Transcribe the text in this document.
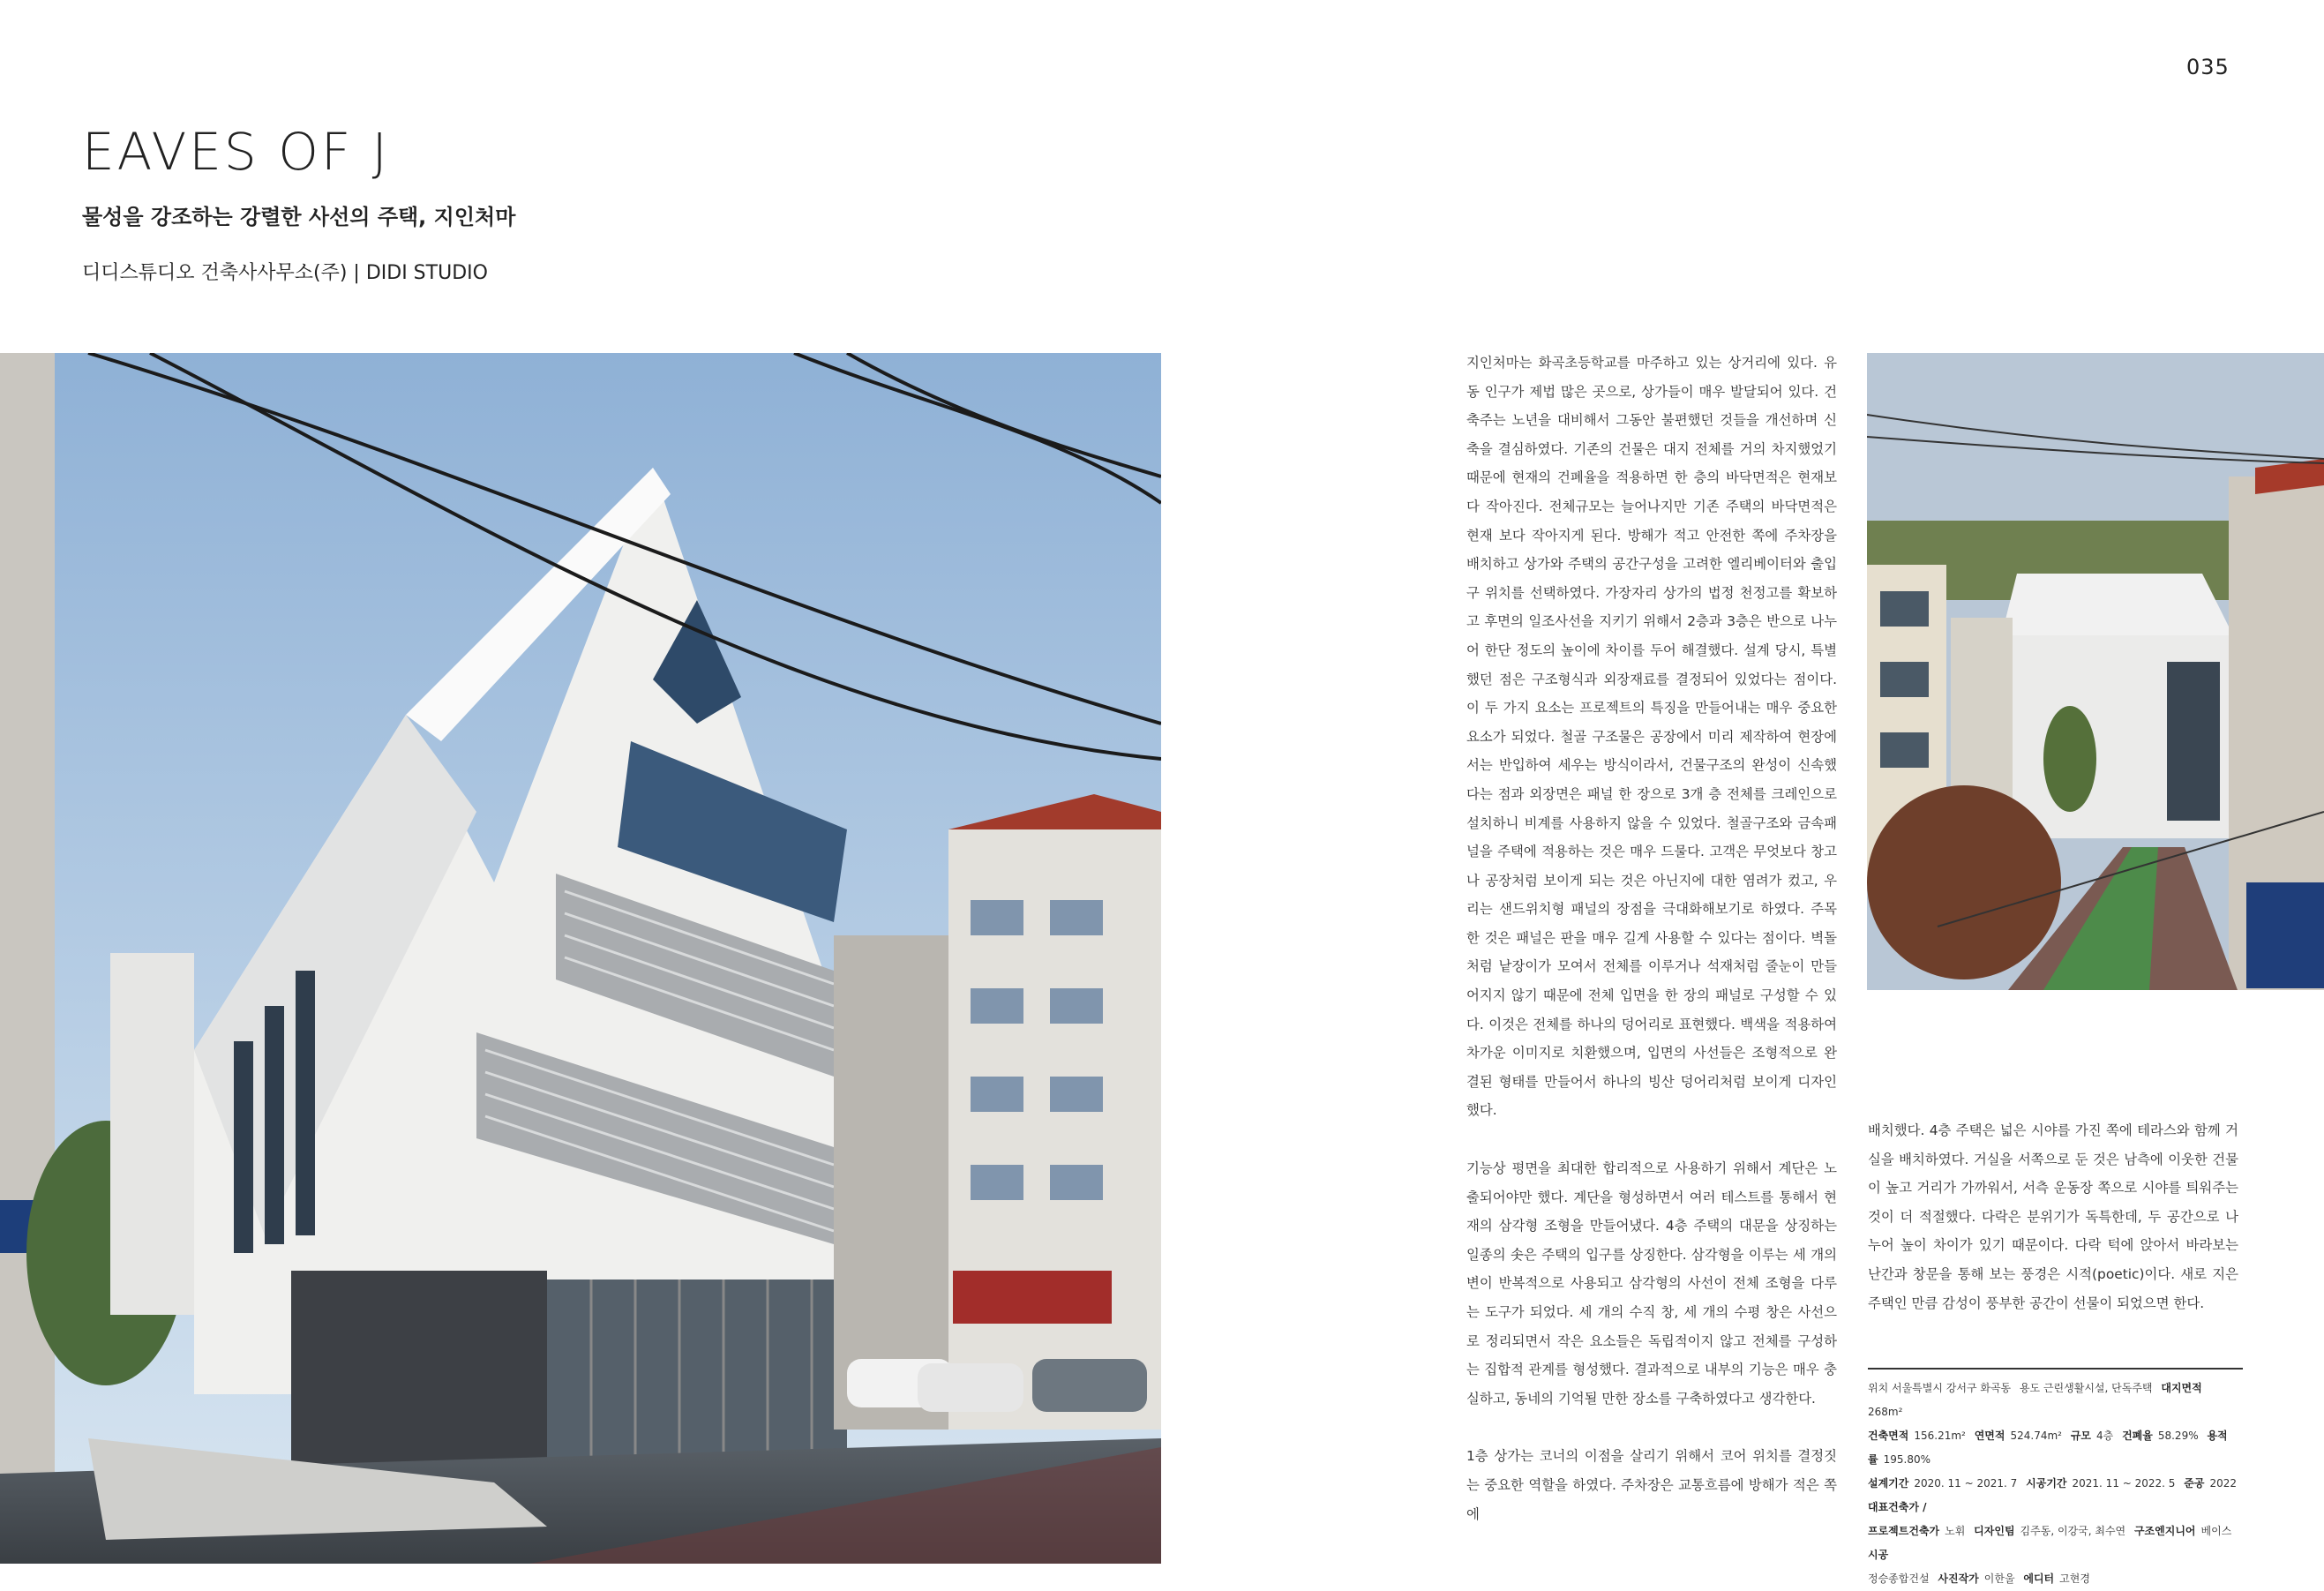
035
EAVES OF J
물성을 강조하는 강렬한 사선의 주택, 지인처마
디디스튜디오 건축사사무소(주) | DIDI STUDIO

지인처마는 화곡초등학교를 마주하고 있는 상거리에 있다. 유동 인구가 제법 많은 곳으로, 상가들이 매우 발달되어 있다. 건축주는 노년을 대비해서 그동안 불편했던 것들을 개선하며 신축을 결심하였다. 기존의 건물은 대지 전체를 거의 차지했었기 때문에 현재의 건폐율을 적용하면 한 층의 바닥면적은 현재보다 작아진다. 전체규모는 늘어나지만 기존 주택의 바닥면적은 현재 보다 작아지게 된다. 방해가 적고 안전한 쪽에 주차장을 배치하고 상가와 주택의 공간구성을 고려한 엘리베이터와 출입구 위치를 선택하였다. 가장자리 상가의 법정 천정고를 확보하고 후면의 일조사선을 지키기 위해서 2층과 3층은 반으로 나누어 한단 정도의 높이에 차이를 두어 해결했다. 설계 당시, 특별했던 점은 구조형식과 외장재료를 결정되어 있었다는 점이다. 이 두 가지 요소는 프로젝트의 특징을 만들어내는 매우 중요한 요소가 되었다. 철골 구조물은 공장에서 미리 제작하여 현장에서는 반입하여 세우는 방식이라서, 건물구조의 완성이 신속했다는 점과 외장면은 패널 한 장으로 3개 층 전체를 크레인으로 설치하니 비계를 사용하지 않을 수 있었다. 철골구조와 금속패널을 주택에 적용하는 것은 매우 드물다. 고객은 무엇보다 창고나 공장처럼 보이게 되는 것은 아닌지에 대한 염려가 컸고, 우리는 샌드위치형 패널의 장점을 극대화해보기로 하였다. 주목한 것은 패널은 판을 매우 길게 사용할 수 있다는 점이다. 벽돌처럼 낱장이가 모여서 전체를 이루거나 석재처럼 줄눈이 만들어지지 않기 때문에 전체 입면을 한 장의 패널로 구성할 수 있다. 이것은 전체를 하나의 덩어리로 표현했다. 백색을 적용하여 차가운 이미지로 치환했으며, 입면의 사선들은 조형적으로 완결된 형태를 만들어서 하나의 빙산 덩어리처럼 보이게 디자인했다.

기능상 평면을 최대한 합리적으로 사용하기 위해서 계단은 노출되어야만 했다. 계단을 형성하면서 여러 테스트를 통해서 현재의 삼각형 조형을 만들어냈다. 4층 주택의 대문을 상징하는 일종의 솟은 주택의 입구를 상징한다. 삼각형을 이루는 세 개의 변이 반복적으로 사용되고 삼각형의 사선이 전체 조형을 다루는 도구가 되었다. 세 개의 수직 창, 세 개의 수평 창은 사선으로 정리되면서 작은 요소들은 독립적이지 않고 전체를 구성하는 집합적 관계를 형성했다. 결과적으로 내부의 기능은 매우 충실하고, 동네의 기억될 만한 장소를 구축하였다고 생각한다.

1층 상가는 코너의 이점을 살리기 위해서 코어 위치를 결정짓는 중요한 역할을 하였다. 주차장은 교통흐름에 방해가 적은 쪽에

배치했다. 4층 주택은 넓은 시야를 가진 쪽에 테라스와 함께 거실을 배치하였다. 거실을 서쪽으로 둔 것은 남측에 이웃한 건물이 높고 거리가 가까워서, 서측 운동장 쪽으로 시야를 틔워주는 것이 더 적절했다. 다락은 분위기가 독특한데, 두 공간으로 나누어 높이 차이가 있기 때문이다. 다락 턱에 앉아서 바라보는 난간과 창문을 통해 보는 풍경은 시적(poetic)이다. 새로 지은 주택인 만큼 감성이 풍부한 공간이 선물이 되었으면 한다.

위치 서울특별시 강서구 화곡동 용도 근린생활시설, 단독주택 대지면적 268m²
건축면적 156.21m² 연면적 524.74m² 규모 4층 건폐율 58.29% 용적률 195.80%
설계기간 2020. 11 ~ 2021. 7 시공기간 2021. 11 ~ 2022. 5 준공 2022 대표건축가 /
프로젝트건축가 노휘 디자인팀 김주동, 이강국, 최수연 구조엔지니어 베이스 시공
정승종합건설 사진작가 이한울 에디터 고현경
